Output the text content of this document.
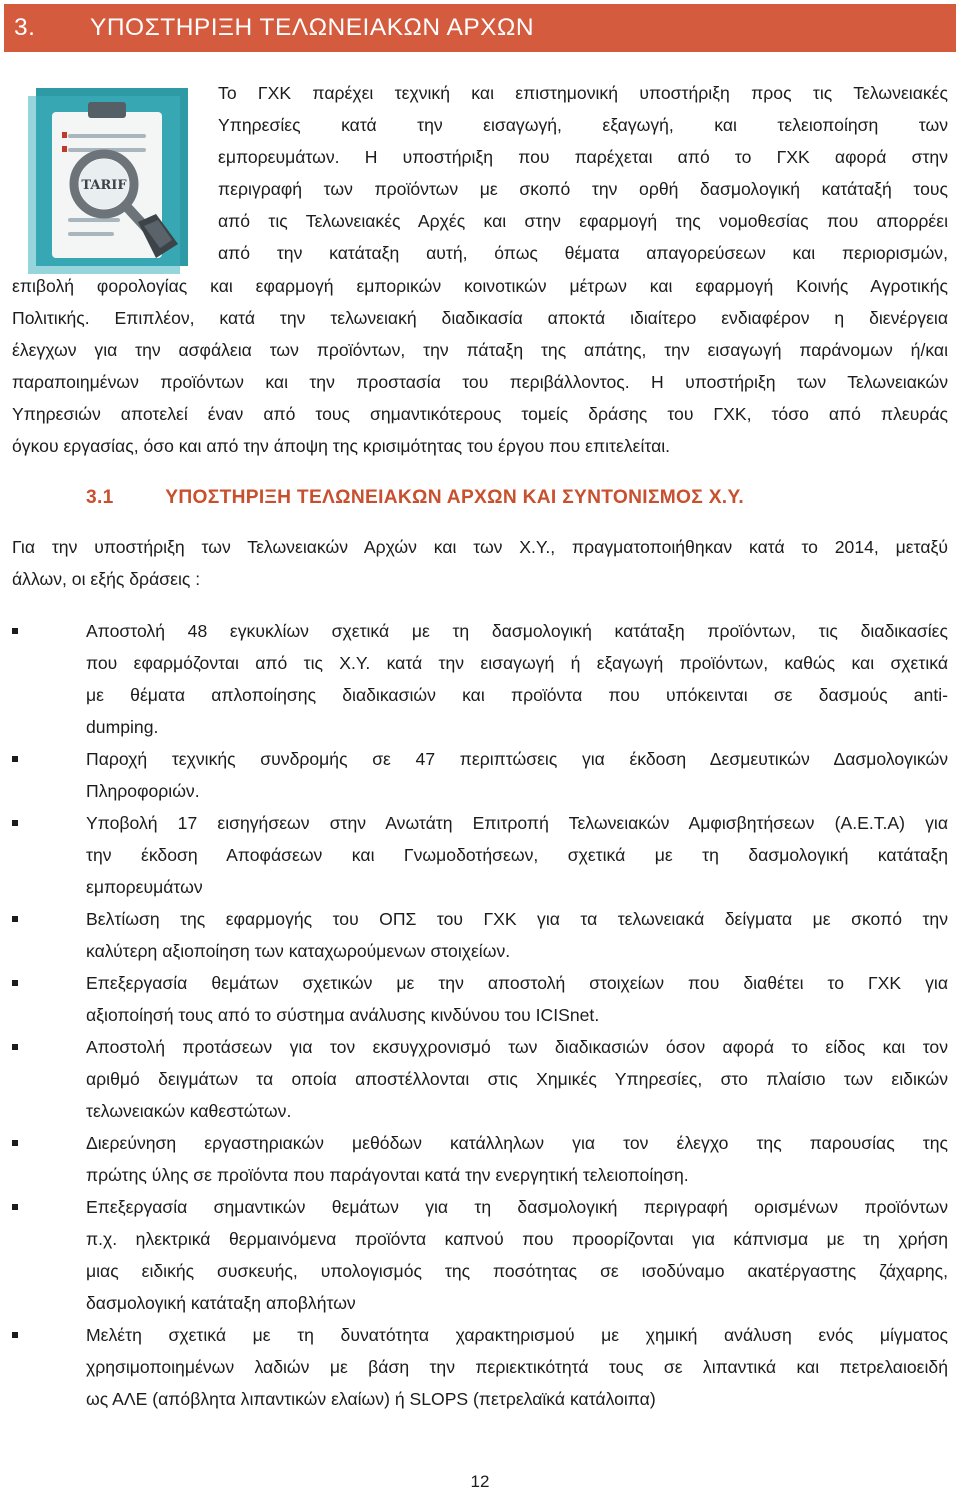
3.	ΥΠΟΣΤΗΡΙΞΗ ΤΕΛΩΝΕΙΑΚΩΝ ΑΡΧΩΝ
TARIF
Το ΓΧΚ παρέχει τεχνική και επιστημονική υποστήριξη προς τις Τελωνειακές
Υπηρεσίες κατά την εισαγωγή, εξαγωγή, και τελειοποίηση των
εμπορευμάτων. Η υποστήριξη που παρέχεται από το ΓΧΚ αφορά στην
περιγραφή των προϊόντων με σκοπό την ορθή δασμολογική κατάταξή τους
από τις Τελωνειακές Αρχές και στην εφαρμογή της νομοθεσίας που απορρέει
από την κατάταξη αυτή, όπως θέματα απαγορεύσεων και περιορισμών,
επιβολή φορολογίας και εφαρμογή εμπορικών κοινοτικών μέτρων και εφαρμογή Κοινής Αγροτικής
Πολιτικής. Επιπλέον, κατά την τελωνειακή διαδικασία αποκτά ιδιαίτερο ενδιαφέρον η διενέργεια
έλεγχων για την ασφάλεια των προϊόντων, την πάταξη της απάτης, την εισαγωγή παράνομων ή/και
παραποιημένων προϊόντων και την προστασία του περιβάλλοντος. Η υποστήριξη των Τελωνειακών
Υπηρεσιών αποτελεί έναν από τους σημαντικότερους τομείς δράσης του ΓΧΚ, τόσο από πλευράς
όγκου εργασίας, όσο και από την άποψη της κρισιμότητας του έργου που επιτελείται.
3.1	ΥΠΟΣΤΗΡΙΞΗ ΤΕΛΩΝΕΙΑΚΩΝ ΑΡΧΩΝ ΚΑΙ ΣΥΝΤΟΝΙΣΜΟΣ Χ.Υ.
Για την υποστήριξη των Τελωνειακών Αρχών και των Χ.Υ., πραγματοποιήθηκαν κατά το 2014, μεταξύ
άλλων, οι εξής δράσεις :
Αποστολή 48 εγκυκλίων σχετικά με τη δασμολογική κατάταξη προϊόντων, τις διαδικασίες
που εφαρμόζονται από τις Χ.Υ. κατά την εισαγωγή ή εξαγωγή προϊόντων, καθώς και σχετικά
με θέματα απλοποίησης διαδικασιών και προϊόντα που υπόκεινται σε δασμούς anti-
dumping.
Παροχή τεχνικής συνδρομής σε 47 περιπτώσεις για έκδοση Δεσμευτικών Δασμολογικών
Πληροφοριών.
Υποβολή 17 εισηγήσεων στην Ανωτάτη Επιτροπή Τελωνειακών Αμφισβητήσεων (Α.Ε.Τ.Α) για
την έκδοση Αποφάσεων και Γνωμοδοτήσεων, σχετικά με τη δασμολογική κατάταξη
εμπορευμάτων
Βελτίωση της εφαρμογής του ΟΠΣ του ΓΧΚ για τα τελωνειακά δείγματα με σκοπό την
καλύτερη αξιοποίηση των καταχωρούμενων στοιχείων.
Επεξεργασία θεμάτων σχετικών με την αποστολή στοιχείων που διαθέτει το ΓΧΚ για
αξιοποίησή τους από το σύστημα ανάλυσης κινδύνου του ICISnet.
Αποστολή προτάσεων για τον εκσυγχρονισμό των διαδικασιών όσον αφορά το είδος και τον
αριθμό δειγμάτων τα οποία αποστέλλονται στις Χημικές Υπηρεσίες, στο πλαίσιο των ειδικών
τελωνειακών καθεστώτων.
Διερεύνηση εργαστηριακών μεθόδων κατάλληλων για τον έλεγχο της παρουσίας της
πρώτης ύλης σε προϊόντα που παράγονται κατά την ενεργητική τελειοποίηση.
Επεξεργασία σημαντικών θεμάτων για τη δασμολογική περιγραφή ορισμένων προϊόντων
π.χ. ηλεκτρικά θερμαινόμενα προϊόντα καπνού που προορίζονται για κάπνισμα με τη χρήση
μιας ειδικής συσκευής, υπολογισμός της ποσότητας σε ισοδύναμο ακατέργαστης ζάχαρης,
δασμολογική κατάταξη αποβλήτων
Μελέτη σχετικά με τη δυνατότητα χαρακτηρισμού με χημική ανάλυση ενός μίγματος
χρησιμοποιημένων λαδιών με βάση την περιεκτικότητά τους σε λιπαντικά και πετρελαιοειδή
ως ΑΛΕ (απόβλητα λιπαντικών ελαίων) ή SLOPS (πετρελαϊκά κατάλοιπα)
12
